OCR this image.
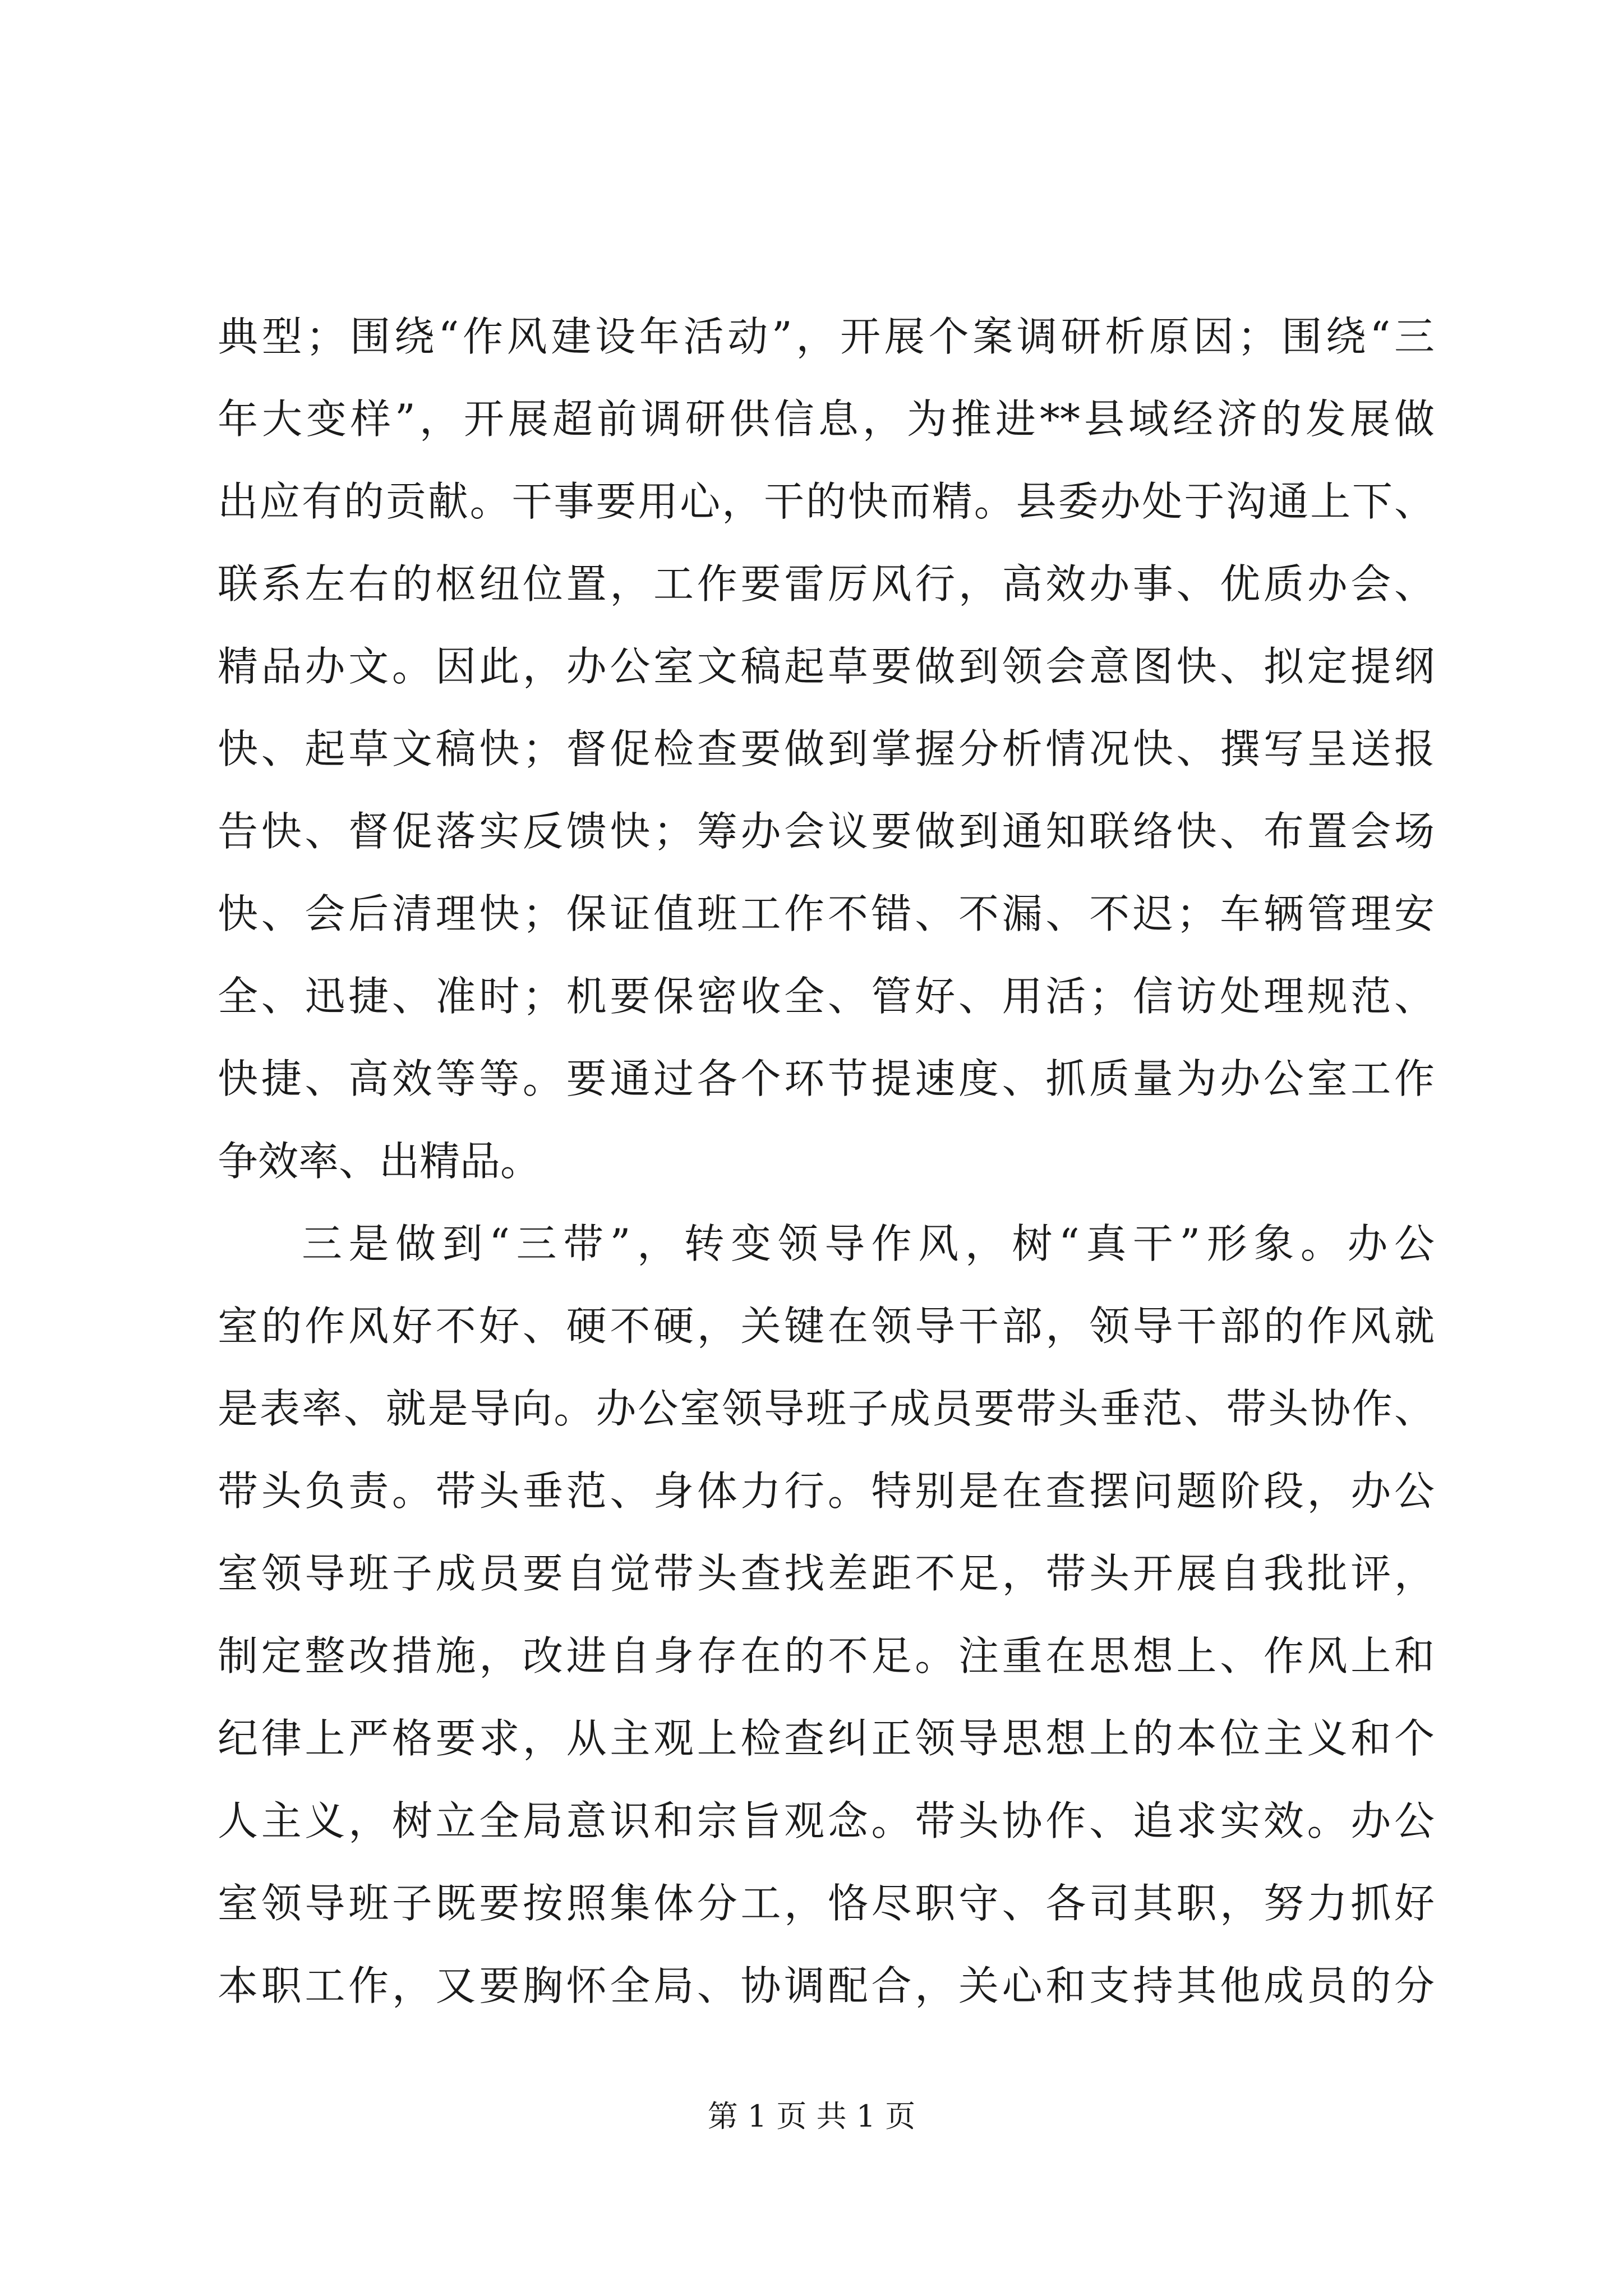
典型；围绕“作风建设年活动”，开展个案调研析原因；围绕“三
年大变样”，开展超前调研供信息，为推进**县域经济的发展做
出应有的贡献。干事要用心，干的快而精。县委办处于沟通上下、
联系左右的枢纽位置，工作要雷厉风行，高效办事、优质办会、
精品办文。因此，办公室文稿起草要做到领会意图快、拟定提纲
快、起草文稿快；督促检查要做到掌握分析情况快、撰写呈送报
告快、督促落实反馈快；筹办会议要做到通知联络快、布置会场
快、会后清理快；保证值班工作不错、不漏、不迟；车辆管理安
全、迅捷、准时；机要保密收全、管好、用活；信访处理规范、
快捷、高效等等。要通过各个环节提速度、抓质量为办公室工作
争效率、出精品。
三是做到“三带”，转变领导作风，树“真干”形象。办公
室的作风好不好、硬不硬，关键在领导干部，领导干部的作风就
是表率、就是导向。办公室领导班子成员要带头垂范、带头协作、
带头负责。带头垂范、身体力行。特别是在查摆问题阶段，办公
室领导班子成员要自觉带头查找差距不足，带头开展自我批评，
制定整改措施，改进自身存在的不足。注重在思想上、作风上和
纪律上严格要求，从主观上检查纠正领导思想上的本位主义和个
人主义，树立全局意识和宗旨观念。带头协作、追求实效。办公
室领导班子既要按照集体分工，恪尽职守、各司其职，努力抓好
本职工作，又要胸怀全局、协调配合，关心和支持其他成员的分
第 1 页 共 1 页
